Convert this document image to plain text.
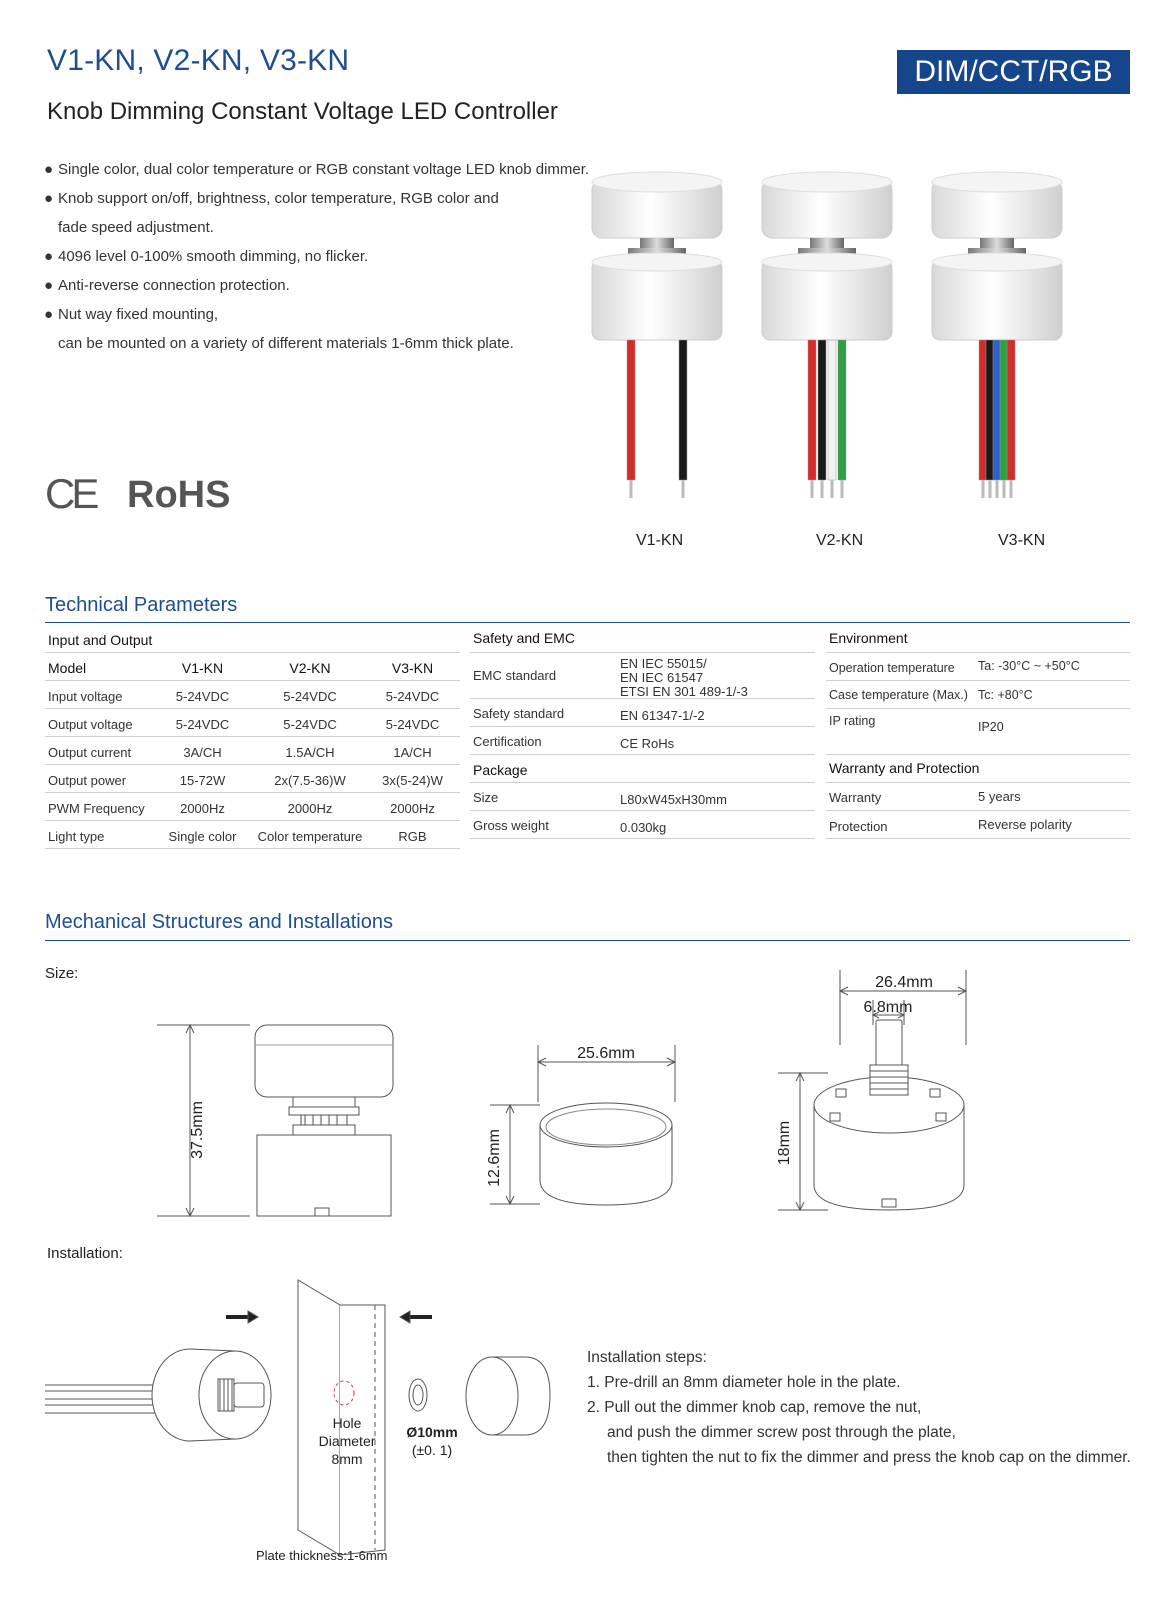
V1-KN, V2-KN, V3-KN	DIM/CCT/RGB
Knob Dimming Constant Voltage LED Controller
● Single color, dual color temperature or RGB constant voltage LED knob dimmer.
● Knob support on/off, brightness, color temperature, RGB color and
fade speed adjustment.
● 4096 level 0-100% smooth dimming, no flicker.
● Anti-reverse connection protection.
● Nut way fixed mounting,
can be mounted on a variety of different materials 1-6mm thick plate.
CE RoHS
V1-KN	V2-KN	V3-KN
Technical Parameters
Input and Output
Model	V1-KN	V2-KN	V3-KN
Input voltage	5-24VDC	5-24VDC	5-24VDC
Output voltage	5-24VDC	5-24VDC	5-24VDC
Output current	3A/CH	1.5A/CH	1A/CH
Output power	15-72W	2x(7.5-36)W	3x(5-24)W
PWM Frequency	2000Hz	2000Hz	2000Hz
Light type	Single color	Color temperature	RGB
Safety and EMC
EMC standard
EN IEC 55015/
EN IEC 61547
ETSI EN 301 489-1/-3
Safety standard	EN 61347-1/-2
Certification	CE RoHs
Package
Size	L80xW45xH30mm
Gross weight	0.030kg
Environment
Operation temperature Ta: -30°C ~ +50°C
Case temperature (Max.) Tc: +80°C
IP rating	IP20
Warranty and Protection
Warranty	5 years
Protection	Reverse polarity
Mechanical Structures and Installations
Size:
37.5mm
25.6mm
12.6mm
26.4mm
6.8mm
18mm
Installation:
Hole
Diameter
8mm
Ø10mm
(±0. 1)
Plate thickness:1-6mm
Installation steps:
1. Pre-drill an 8mm diameter hole in the plate.
2. Pull out the dimmer knob cap, remove the nut,
and push the dimmer screw post through the plate,
then tighten the nut to fix the dimmer and press the knob cap on the dimmer.
